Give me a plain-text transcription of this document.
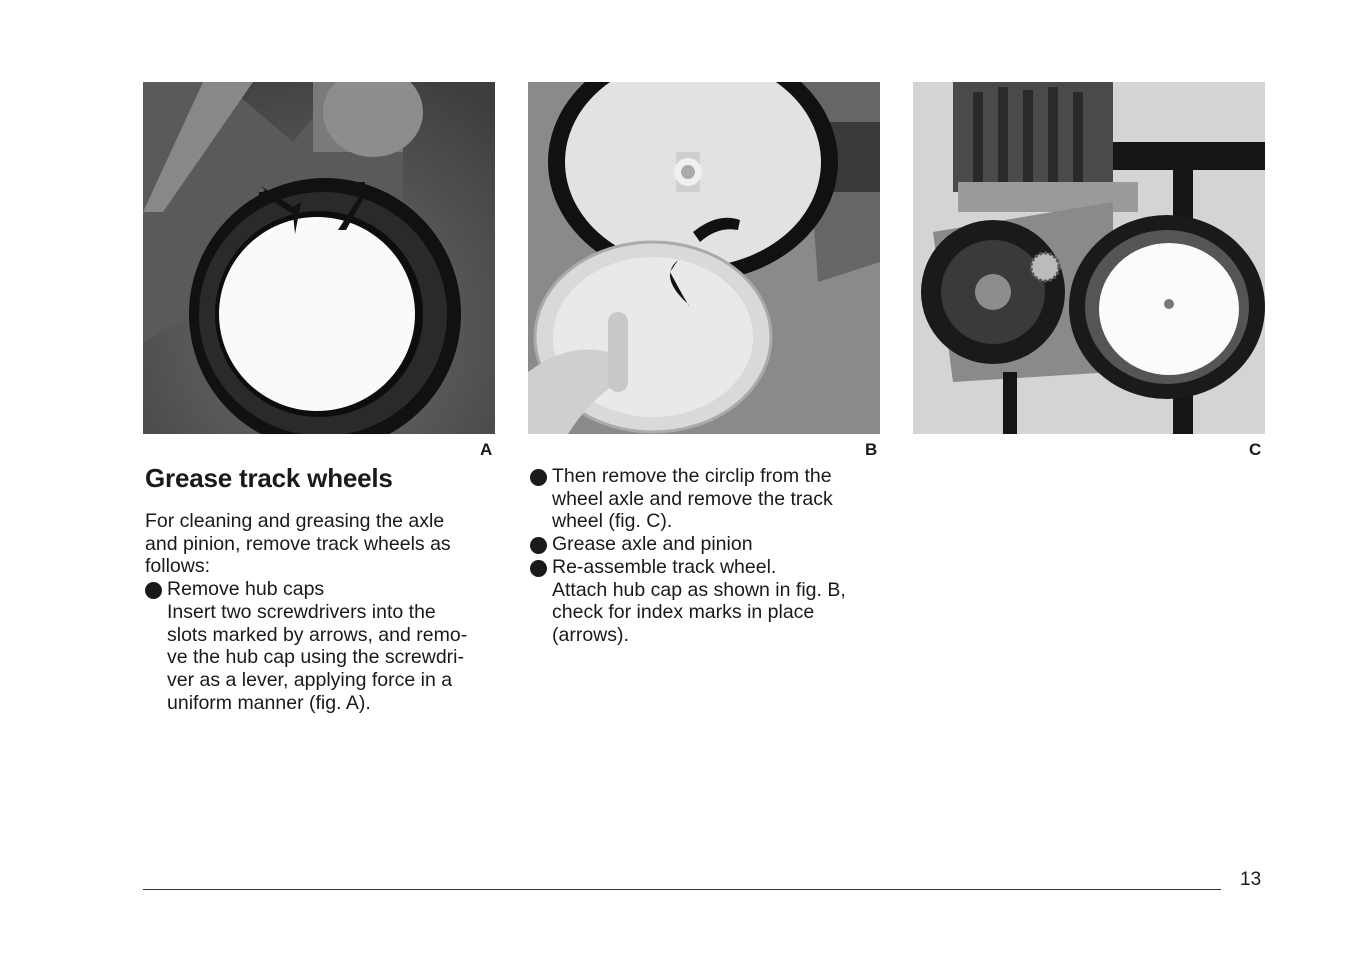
A	B	C
Grease track wheels

For cleaning and greasing the axle
and pinion, remove track wheels as
follows:

Remove hub caps

Insert two screwdrivers into the
slots marked by arrows, and remo-
ve the hub cap using the screwdri-
ver as a lever, applying force in a
uniform manner (fig. A).

Then remove the circlip from the
wheel axle and remove the track
wheel (fig. C).

Grease axle and pinion

Re-assemble track wheel.

Attach hub cap as shown in fig. B,
check for index marks in place
(arrows).

13
